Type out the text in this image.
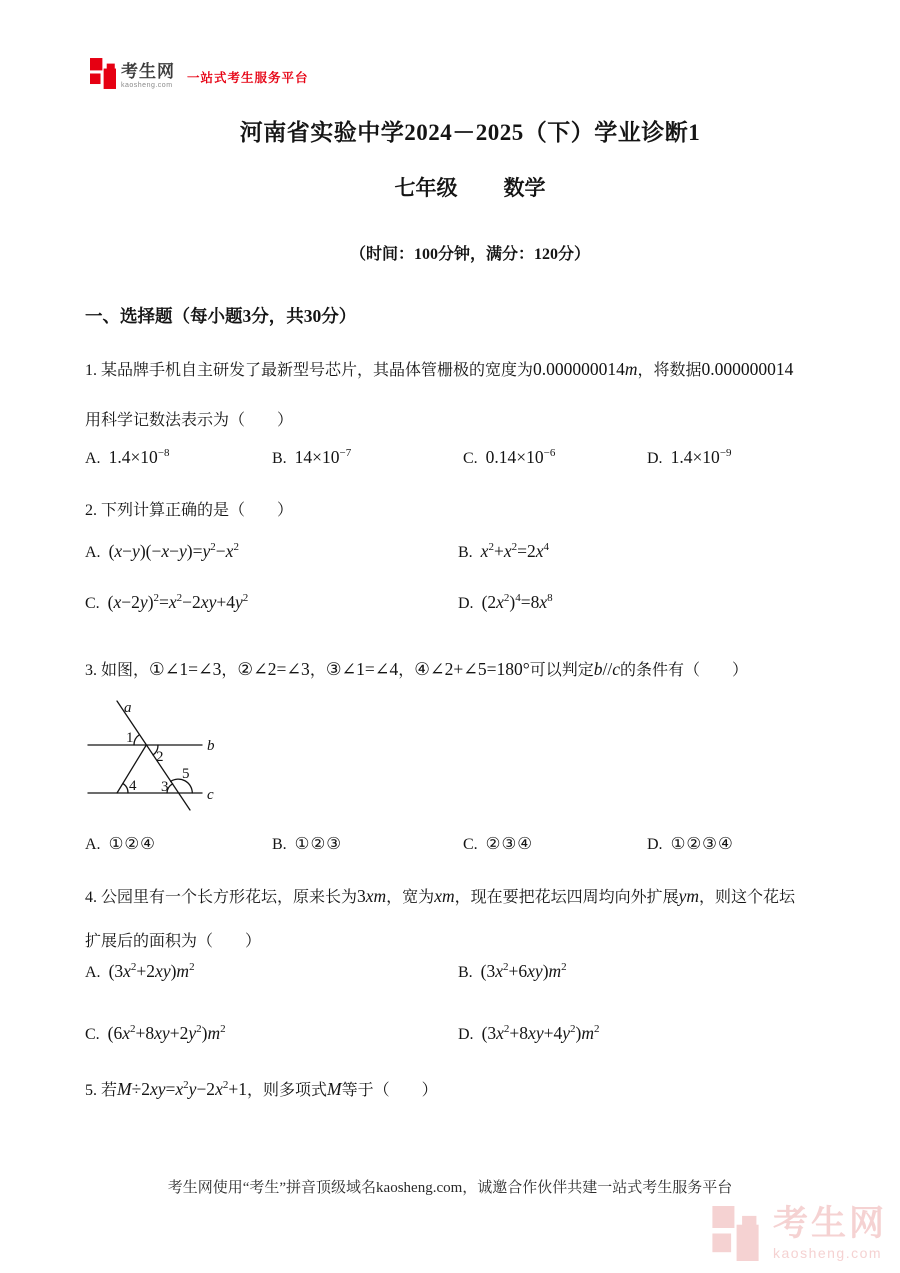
考生网
kaosheng.com
一站式考生服务平台
河南省实验中学2024－2025（下）学业诊断1
七年级 数学
（时间：100分钟，满分：120分）
一、选择题（每小题3分，共30分）
1. 某品牌手机自主研发了最新型号芯片，其晶体管栅极的宽度为0.000000014m，将数据0.000000014
用科学记数法表示为（　　）
A. $1.4\times 10^{-8}$	B. $14\times 10^{-7}$	C. $0.14\times 10^{-6}$	D. $1.4\times 10^{-9}$
2. 下列计算正确的是（　　）
A. $(x-y)(-x-y)=y^2-x^2$	B. $x^2+x^2=2x^4$
C. $(x-2y)^2=x^2-2xy+4y^2$	D. $(2x^2)^4=8x^8$
3. 如图，①∠1=∠3，②∠2=∠3，③∠1=∠4，④∠2+∠5=180°可以判定b//c的条件有（　　）
a
b
c
1
2
4 3
5
A. ①②④	B. ①②③	C. ②③④	D. ①②③④
4. 公园里有一个长方形花坛，原来长为3xm，宽为xm，现在要把花坛四周均向外扩展ym，则这个花坛
扩展后的面积为（　　）
A. $(3x^2+2xy)m^2$	B. $(3x^2+6xy)m^2$
C. $(6x^2+8xy+2y^2)m^2$	D. $(3x^2+8xy+4y^2)m^2$
5. 若$M\div 2xy=x^2y-2x^2+1$，则多项式M等于（　　）
考生网使用“考生”拼音顶级域名kaosheng.com，诚邀合作伙伴共建一站式考生服务平台
考生网
kaosheng.com
